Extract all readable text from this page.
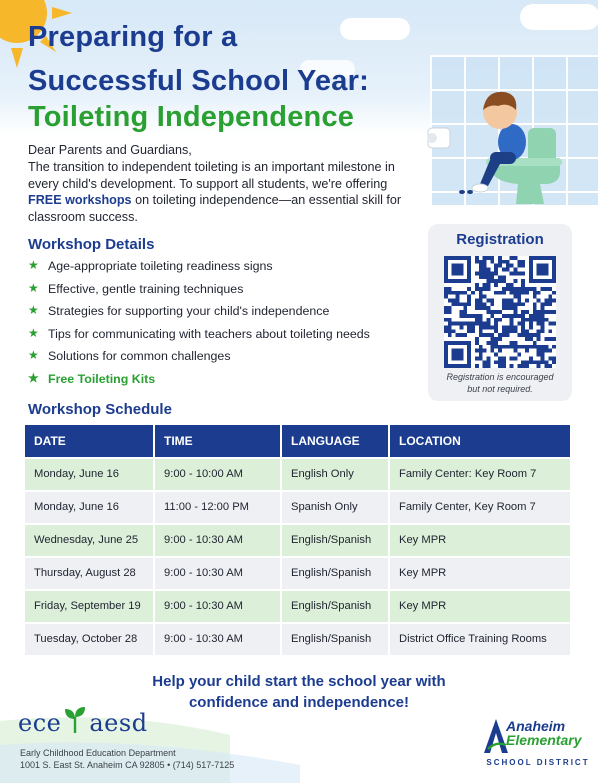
Preparing for a
Successful School Year:
Toileting Independence
Dear Parents and Guardians,
The transition to independent toileting is an important milestone in every child's development. To support all students, we're offering FREE workshops on toileting independence—an essential skill for classroom success.
Workshop Details
★ Age-appropriate toileting readiness signs
★ Effective, gentle training techniques
★ Strategies for supporting your child's independence
★ Tips for communicating with teachers about toileting needs
★ Solutions for common challenges
★ Free Toileting Kits
Registration
Registration is encouraged
but not required.
Workshop Schedule
DATE	TIME	LANGUAGE	LOCATION
Monday, June 16	9:00 - 10:00 AM	English Only	Family Center: Key Room 7
Monday, June 16	11:00 - 12:00 PM	Spanish Only	Family Center, Key Room 7
Wednesday, June 25	9:00 - 10:30 AM	English/Spanish	Key MPR
Thursday, August 28	9:00 - 10:30 AM	English/Spanish	Key MPR
Friday, September 19	9:00 - 10:30 AM	English/Spanish	Key MPR
Tuesday, October 28	9:00 - 10:30 AM	English/Spanish	District Office Training Rooms
Help your child start the school year with
confidence and independence!
ece aesd
Early Childhood Education Department
1001 S. East St. Anaheim CA 92805 • (714) 517-7125
Anaheim
Elementary
SCHOOL DISTRICT
